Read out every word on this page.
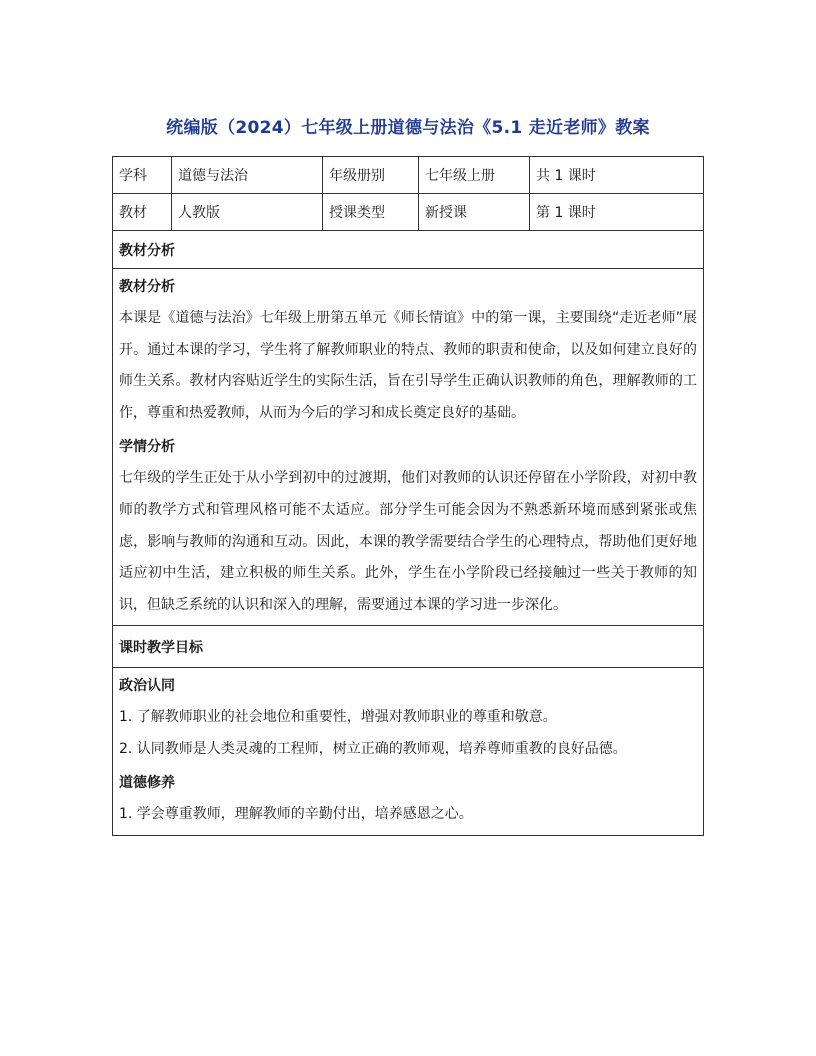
统编版（2024）七年级上册道德与法治《5.1 走近老师》教案
学科	道德与法治	年级册别	七年级上册	共 1 课时
教材	人教版	授课类型	新授课	第 1 课时
教材分析				

教材分析
本课是《道德与法治》七年级上册第五单元《师长情谊》中的第一课，主要围绕“走近老师”展开。通过本课的学习，学生将了解教师职业的特点、教师的职责和使命，以及如何建立良好的师生关系。教材内容贴近学生的实际生活，旨在引导学生正确认识教师的角色，理解教师的工作，尊重和热爱教师，从而为今后的学习和成长奠定良好的基础。
学情分析
七年级的学生正处于从小学到初中的过渡期，他们对教师的认识还停留在小学阶段，对初中教师的教学方式和管理风格可能不太适应。部分学生可能会因为不熟悉新环境而感到紧张或焦虑，影响与教师的沟通和互动。因此，本课的教学需要结合学生的心理特点，帮助他们更好地适应初中生活，建立积极的师生关系。此外，学生在小学阶段已经接触过一些关于教师的知识，但缺乏系统的认识和深入的理解，需要通过本课的学习进一步深化。				

课时教学目标				

政治认同
1. 了解教师职业的社会地位和重要性，增强对教师职业的尊重和敬意。
2. 认同教师是人类灵魂的工程师，树立正确的教师观，培养尊师重教的良好品德。
道德修养
1. 学会尊重教师，理解教师的辛勤付出，培养感恩之心。				
